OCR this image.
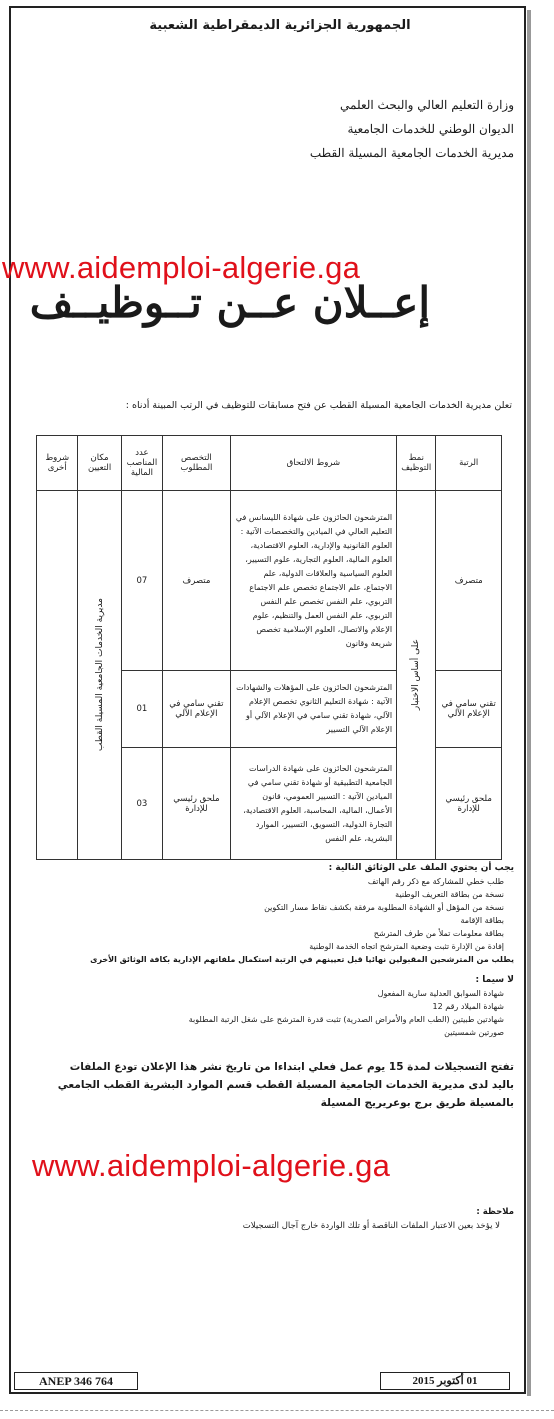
الجمهورية الجزائرية الديمقراطية الشعبية
وزارة التعليم العالي والبحث العلمي
الديوان الوطني للخدمات الجامعية
مديرية الخدمات الجامعية المسيلة القطب
www.aidemploi-algerie.ga
إعــلان عــن تــوظيــف
تعلن مديرية الخدمات الجامعية المسيلة القطب عن فتح مسابقات للتوظيف في الرتب المبينة أدناه :
الرتبة	نمط التوظيف	شروط الالتحاق	التخصص المطلوب	عدد المناصب المالية	مكان التعيين	شروط أخرى
متصرف	على أساس الاختبار	المترشحون الحائزون على شهادة الليسانس في التعليم العالي في الميادين والتخصصات الآتية : العلوم القانونية والإدارية، العلوم الاقتصادية، العلوم المالية، العلوم التجارية، علوم التسيير، العلوم السياسية والعلاقات الدولية، علم الاجتماع، علم الاجتماع تخصص علم الاجتماع التربوي، علم النفس تخصص علم النفس التربوي، علم النفس العمل والتنظيم، علوم الإعلام والاتصال، العلوم الإسلامية تخصص شريعة وقانون	متصرف	07	مديرية الخدمات الجامعية المسيلة القطب	

تقني سامي في الإعلام الآلي		المترشحون الحائزون على المؤهلات والشهادات الآتية : شهادة التعليم الثانوي تخصص الإعلام الآلي، شهادة تقني سامي في الإعلام الآلي أو الإعلام الآلي التسيير	تقني سامي في الإعلام الآلي	01		
ملحق رئيسي للإدارة		المترشحون الحائزون على شهادة الدراسات الجامعية التطبيقية أو شهادة تقني سامي في الميادين الآتية : التسيير العمومي، قانون الأعمال، المالية، المحاسبة، العلوم الاقتصادية، التجارة الدولية، التسويق، التسيير، الموارد البشرية، علم النفس	ملحق رئيسي للإدارة	03		
يجب أن يحتوي الملف على الوثائق التالية :
طلب خطي للمشاركة مع ذكر رقم الهاتف
نسخة من بطاقة التعريف الوطنية
نسخة من المؤهل أو الشهادة المطلوبة مرفقة بكشف نقاط مسار التكوين
بطاقة الإقامة
بطاقة معلومات تملأ من طرف المترشح
إفادة من الإدارة تثبت وضعية المترشح اتجاه الخدمة الوطنية
يطلب من المترشحين المقبولين نهائيا قبل تعيينهم في الرتبة استكمال ملفاتهم الإدارية بكافة الوثائق الأخرى
لا سيما :
شهادة السوابق العدلية سارية المفعول
شهادة الميلاد رقم 12
شهادتين طبيتين (الطب العام والأمراض الصدرية) تثبت قدرة المترشح على شغل الرتبة المطلوبة
صورتين شمسيتين
تفتح التسجيلات لمدة 15 يوم عمل فعلي ابتداءا من تاريخ نشر هذا الإعلان تودع الملفات باليد لدى مديرية الخدمات الجامعية المسيلة القطب قسم الموارد البشرية القطب الجامعي بالمسيلة طريق برج بوعريريج المسيلة
www.aidemploi-algerie.ga
ملاحظة :
لا يؤخذ بعين الاعتبار الملفات الناقصة أو تلك الواردة خارج آجال التسجيلات
ANEP 346 764	01 أكتوبر 2015
